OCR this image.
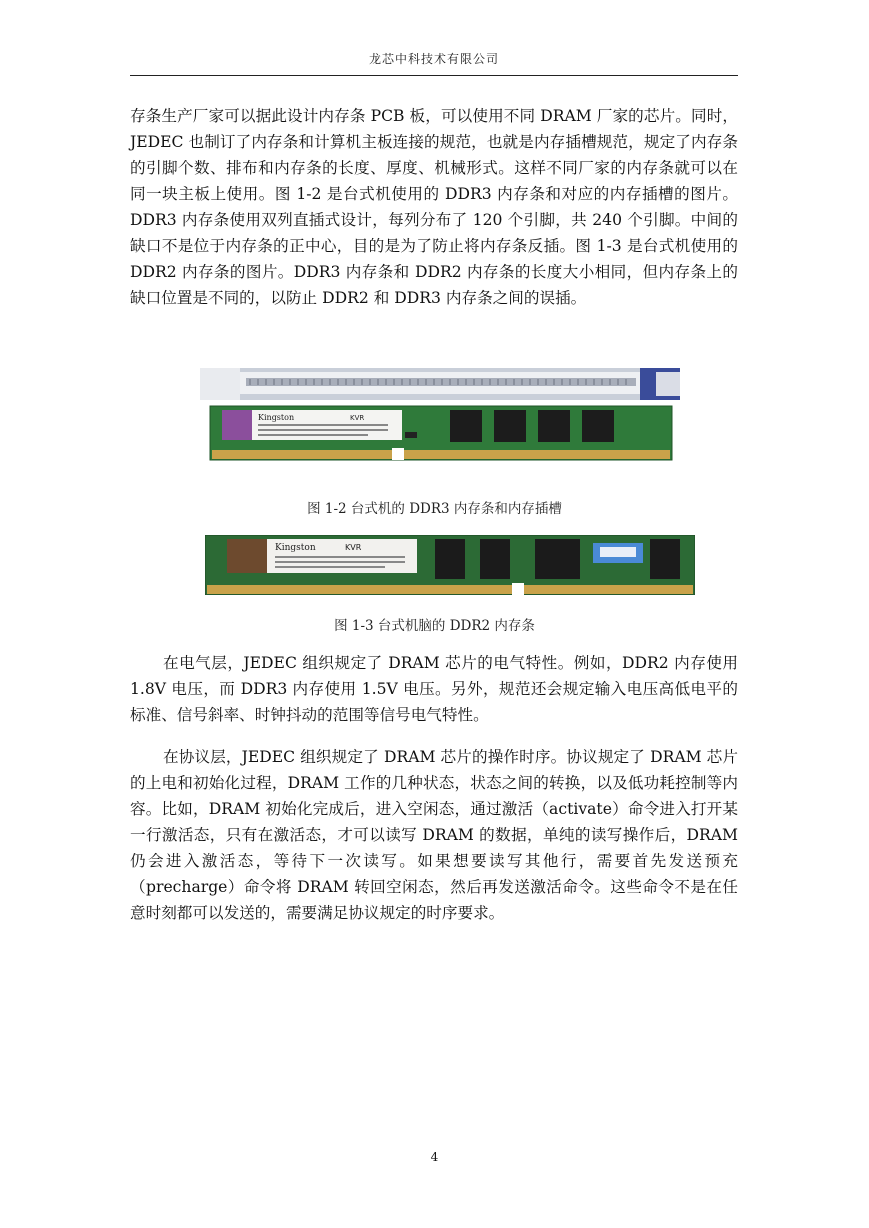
龙芯中科技术有限公司

存条生产厂家可以据此设计内存条 PCB 板，可以使用不同 DRAM 厂家的芯片。同时，JEDEC 也制订了内存条和计算机主板连接的规范，也就是内存插槽规范，规定了内存条的引脚个数、排布和内存条的长度、厚度、机械形式。这样不同厂家的内存条就可以在同一块主板上使用。图 1-2 是台式机使用的 DDR3 内存条和对应的内存插槽的图片。DDR3 内存条使用双列直插式设计，每列分布了 120 个引脚，共 240 个引脚。中间的缺口不是位于内存条的正中心，目的是为了防止将内存条反插。图 1-3 是台式机使用的 DDR2 内存条的图片。DDR3 内存条和 DDR2 内存条的长度大小相同，但内存条上的缺口位置是不同的，以防止 DDR2 和 DDR3 内存条之间的误插。

Kingston	KVR
图 1-2 台式机的 DDR3 内存条和内存插槽
Kingston	KVR
图 1-3 台式机脑的 DDR2 内存条

在电气层，JEDEC 组织规定了 DRAM 芯片的电气特性。例如，DDR2 内存使用 1.8V 电压，而 DDR3 内存使用 1.5V 电压。另外，规范还会规定输入电压高低电平的标准、信号斜率、时钟抖动的范围等信号电气特性。

在协议层，JEDEC 组织规定了 DRAM 芯片的操作时序。协议规定了 DRAM 芯片的上电和初始化过程，DRAM 工作的几种状态，状态之间的转换，以及低功耗控制等内容。比如，DRAM 初始化完成后，进入空闲态，通过激活（activate）命令进入打开某一行激活态，只有在激活态，才可以读写 DRAM 的数据，单纯的读写操作后，DRAM 仍会进入激活态，等待下一次读写。如果想要读写其他行，需要首先发送预充（precharge）命令将 DRAM 转回空闲态，然后再发送激活命令。这些命令不是在任意时刻都可以发送的，需要满足协议规定的时序要求。

4
